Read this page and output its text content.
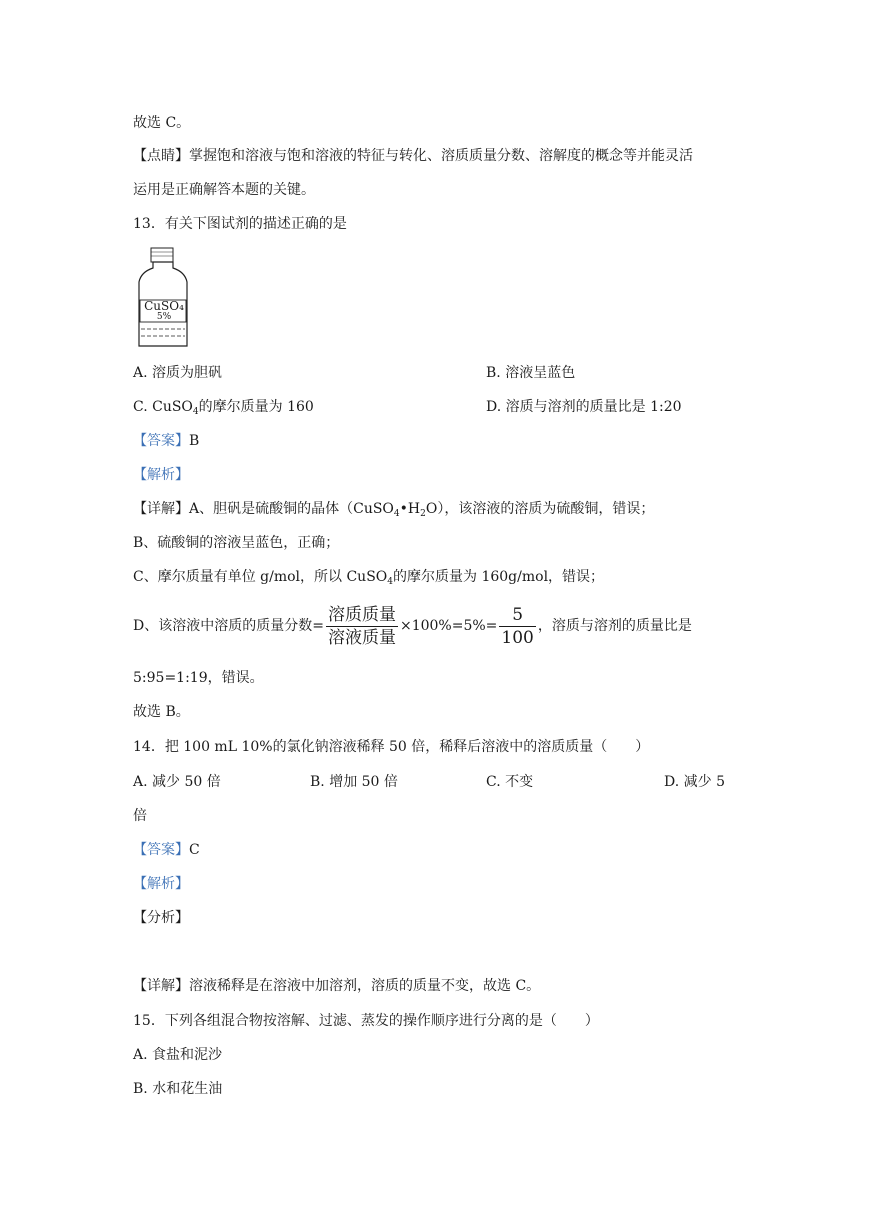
故选 C。
【点睛】掌握饱和溶液与饱和溶液的特征与转化、溶质质量分数、溶解度的概念等并能灵活
运用是正确解答本题的关键。
13．有关下图试剂的描述正确的是
CuSO₄
5%
A. 溶质为胆矾	B. 溶液呈蓝色
C. CuSO$_4$的摩尔质量为 160	D. 溶质与溶剂的质量比是 1:20
【答案】B
【解析】
【详解】A、胆矾是硫酸铜的晶体$(CuSO_4•H_2O)$，该溶液的溶质为硫酸铜，错误；
B、硫酸铜的溶液呈蓝色，正确；
C、摩尔质量有单位 g/mol，所以 CuSO$_4$的摩尔质量为 160g/mol，错误；
D、该溶液中溶质的质量分数= $\frac{\text{溶质质量}}{\text{溶液质量}} \times 100\%=5\%= \frac{5}{100}$ ，溶质与溶剂的质量比是
5:95=1:19，错误。
故选 B。
14．把 100 mL 10%的氯化钠溶液稀释 50 倍，稀释后溶液中的溶质质量（　　）
A. 减少 50 倍	B. 增加 50 倍	C. 不变	D. 减少 5
倍
【答案】C
【解析】
【分析】
【详解】溶液稀释是在溶液中加溶剂，溶质的质量不变，故选 C。
15．下列各组混合物按溶解、过滤、蒸发的操作顺序进行分离的是（　　）
A. 食盐和泥沙
B. 水和花生油
